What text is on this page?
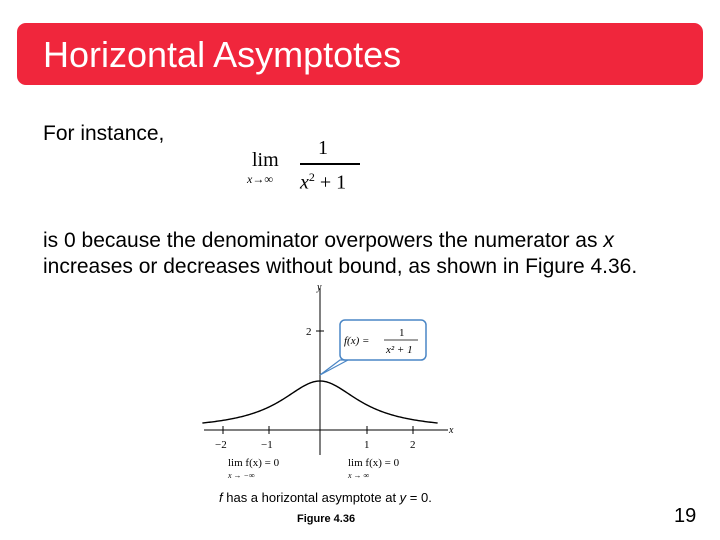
Horizontal Asymptotes
For instance,
lim
x→∞
1
$x^2 + 1$
is 0 because the denominator overpowers the numerator as x increases or decreases without bound, as shown in Figure 4.36.
y
x
2
−2	−1	1	2
f(x) =
1
x² + 1
lim f(x) = 0
x → −∞
lim f(x) = 0
x → ∞
f has a horizontal asymptote at y = 0.
Figure 4.36	19
